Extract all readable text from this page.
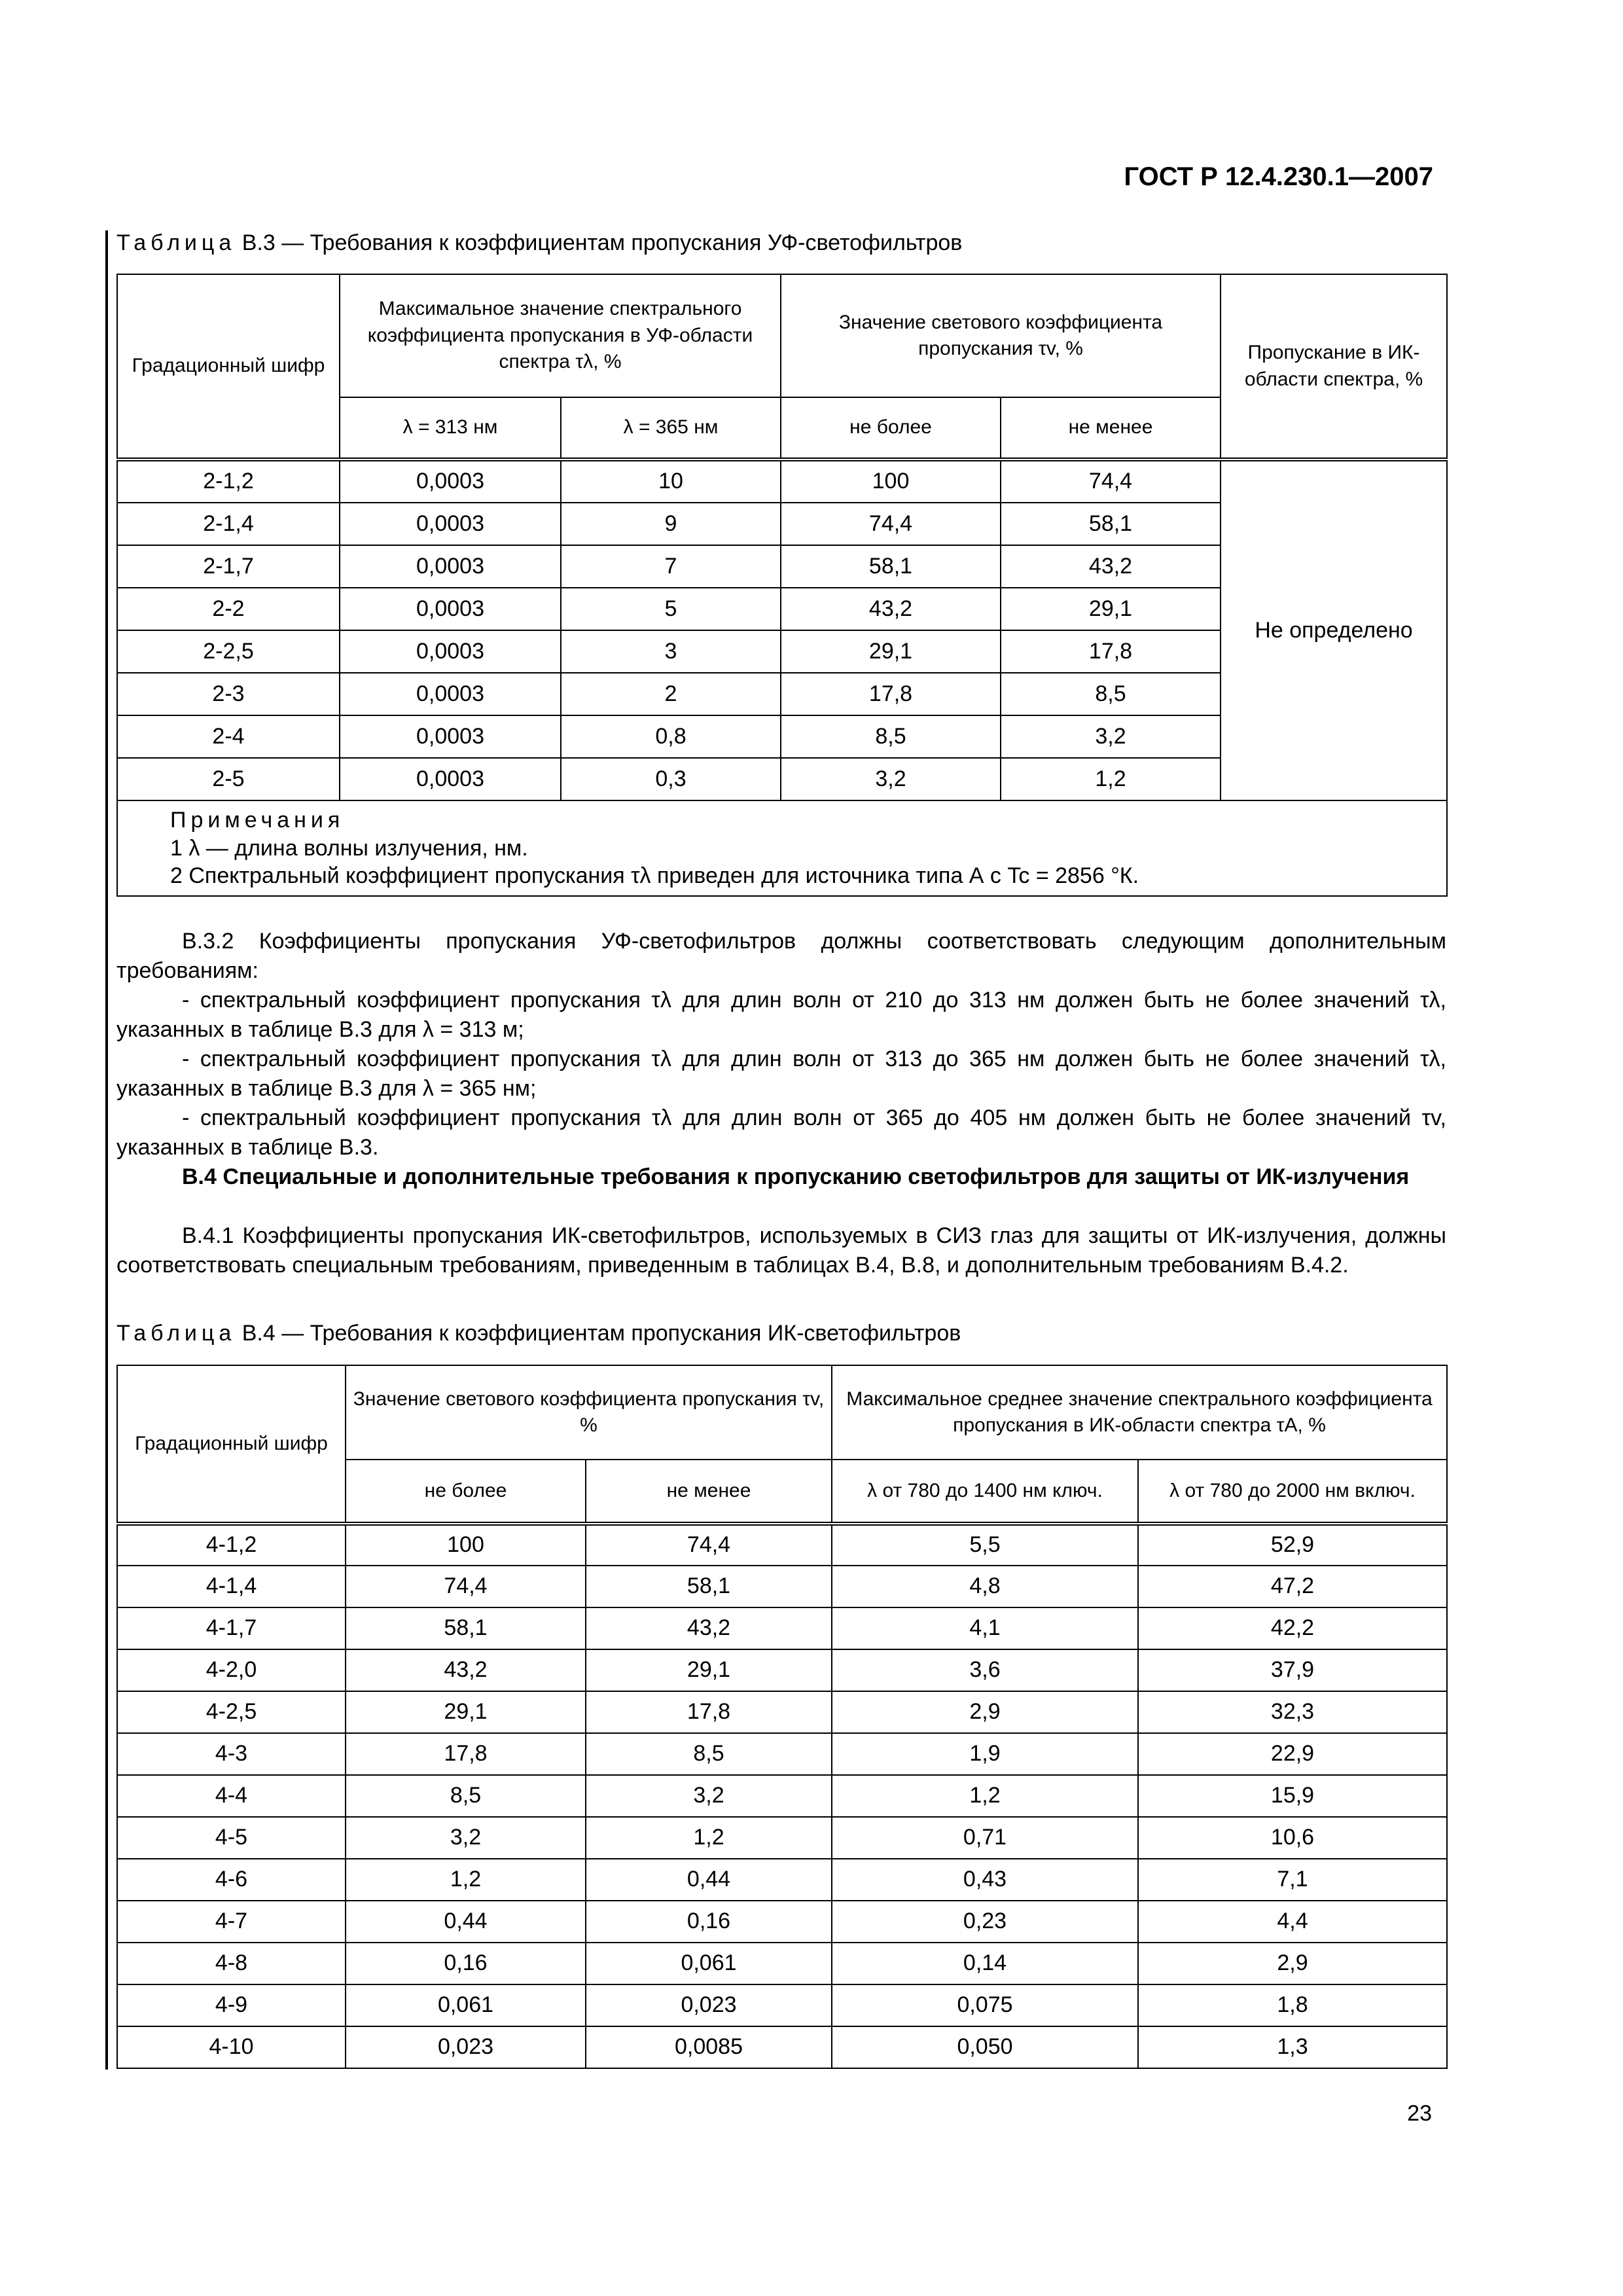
ГОСТ Р 12.4.230.1—2007
Таблица В.3 — Требования к коэффициентам пропускания УФ-светофильтров
Градационный шифр	Максимальное значение спектрального коэффициента пропускания в УФ-области спектра τλ, %		Значение светового коэффициента пропускания τv, %		Пропускание в ИК-области спектра, %
	λ = 313 нм	λ = 365 нм	не более	не менее	
2-1,2	0,0003	10	100	74,4	Не определено
2-1,4	0,0003	9	74,4	58,1	
2-1,7	0,0003	7	58,1	43,2	
2-2	0,0003	5	43,2	29,1	
2-2,5	0,0003	3	29,1	17,8	
2-3	0,0003	2	17,8	8,5	
2-4	0,0003	0,8	8,5	3,2	
2-5	0,0003	0,3	3,2	1,2	

Примечания
1 λ — длина волны излучения, нм.
2 Спектральный коэффициент пропускания τλ приведен для источника типа А с Tc = 2856 °К.					
В.3.2 Коэффициенты пропускания УФ-светофильтров должны соответствовать следующим дополнительным требованиям:
- спектральный коэффициент пропускания τλ для длин волн от 210 до 313 нм должен быть не более значений τλ, указанных в таблице В.3 для λ = 313 м;
- спектральный коэффициент пропускания τλ для длин волн от 313 до 365 нм должен быть не более значений τλ, указанных в таблице В.3 для λ = 365 нм;
- спектральный коэффициент пропускания τλ для длин волн от 365 до 405 нм должен быть не более значений τv, указанных в таблице В.3.
В.4 Специальные и дополнительные требования к пропусканию светофильтров для защиты от ИК-излучения
В.4.1 Коэффициенты пропускания ИК-светофильтров, используемых в СИЗ глаз для защиты от ИК-излучения, должны соответствовать специальным требованиям, приведенным в таблицах В.4, В.8, и дополнительным требованиям В.4.2.
Таблица В.4 — Требования к коэффициентам пропускания ИК-светофильтров
Градационный шифр	Значение светового коэффициента пропускания τv, %		Максимальное среднее значение спектрального коэффициента пропускания в ИК-области спектра τA, %	
	не более	не менее	λ от 780 до 1400 нм ключ.	λ от 780 до 2000 нм включ.
4-1,2	100	74,4	5,5	52,9
4-1,4	74,4	58,1	4,8	47,2
4-1,7	58,1	43,2	4,1	42,2
4-2,0	43,2	29,1	3,6	37,9
4-2,5	29,1	17,8	2,9	32,3
4-3	17,8	8,5	1,9	22,9
4-4	8,5	3,2	1,2	15,9
4-5	3,2	1,2	0,71	10,6
4-6	1,2	0,44	0,43	7,1
4-7	0,44	0,16	0,23	4,4
4-8	0,16	0,061	0,14	2,9
4-9	0,061	0,023	0,075	1,8
4-10	0,023	0,0085	0,050	1,3
23
